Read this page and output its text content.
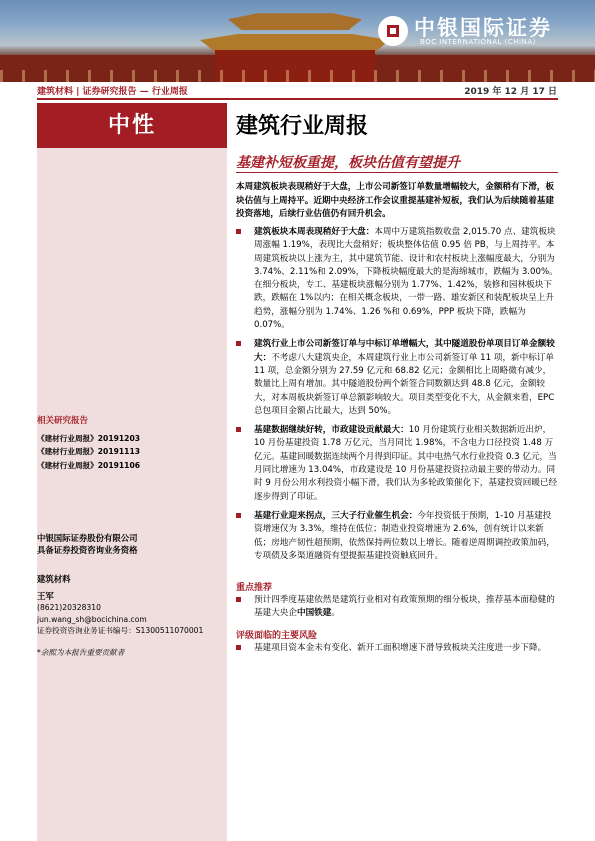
中银国际证券
BOC INTERNATIONAL (CHINA)
建筑材料 | 证券研究报告 — 行业周报	2019 年 12 月 17 日
中性
相关研究报告
《建材行业周报》20191203
《建材行业周报》20191113
《建材行业周报》20191106
中银国际证券股份有限公司
具备证券投资咨询业务资格
建筑材料
王军
(8621)20328310
jun.wang_sh@bocichina.com
证券投资咨询业务证书编号：S1300511070001
*余熙为本报告重要贡献者
建筑行业周报
基建补短板重提，板块估值有望提升
本周建筑板块表现稍好于大盘，上市公司新签订单数量增幅较大，金额稍有下滑，板块估值与上周持平。近期中央经济工作会议重提基建补短板，我们认为后续随着基建投资落地，后续行业估值仍有回升机会。
建筑板块本周表现稍好于大盘：本周中万建筑指数收盘 2,015.70 点、建筑板块周涨幅 1.19%，表现比大盘稍好；板块整体估值 0.95 倍 PB，与上周持平。本周建筑板块以上涨为主，其中建筑节能、设计和农村板块上涨幅度最大，分别为 3.74%、2.11%和 2.09%，下降板块幅度最大的是海绵城市，跌幅为 3.00%。在细分板块，专工、基建板块涨幅分别为 1.77%、1.42%，装修和园林板块下跌，跌幅在 1%以内；在相关概念板块，一带一路、雄安新区和装配板块呈上升趋势，涨幅分别为 1.74%、1.26 %和 0.69%，PPP 板块下降，跌幅为 0.07%。
建筑行业上市公司新签订单与中标订单增幅大，其中隧道股份单项目订单金额较大：不考虑八大建筑央企，本周建筑行业上市公司新签订单 11 项，新中标订单 11 项，总金额分别为 27.59 亿元和 68.82 亿元；金额相比上周略微有减少，数量比上周有增加。其中隧道股份两个新签合同数额达到 48.8 亿元，金额较大，对本周板块新签订单总额影响较大。项目类型变化不大，从金额来看，EPC 总包项目金额占比最大，达到 50%。
基建数据继续好转，市政建设贡献最大：10 月份建筑行业相关数据新近出炉，10 月份基建投资 1.78 万亿元，当月同比 1.98%，不含电力口径投资 1.48 万亿元。基建回暖数据连续两个月得到印证。其中电热气水行业投资 0.3 亿元，当月同比增速为 13.04%，市政建设是 10 月份基建投资拉动最主要的带动力。同时 9 月份公用水利投资小幅下滑，我们认为多轮政策催化下，基建投资回暖已经逐步得到了印证。
基建行业迎来拐点，三大子行业催生机会：今年投资低于预期，1-10 月基建投资增速仅为 3.3%，维持在低位；制造业投资增速为 2.6%，创有统计以来新低；房地产韧性超预期，依然保持两位数以上增长。随着逆周期调控政策加码，专项债及多渠道融资有望提振基建投资触底回升。
重点推荐
预计四季度基建依然是建筑行业相对有政策预期的细分板块，推荐基本面稳健的基建大央企中国铁建。
评级面临的主要风险
基建项目资本金未有变化、新开工面积增速下滑导致板块关注度进一步下降。
